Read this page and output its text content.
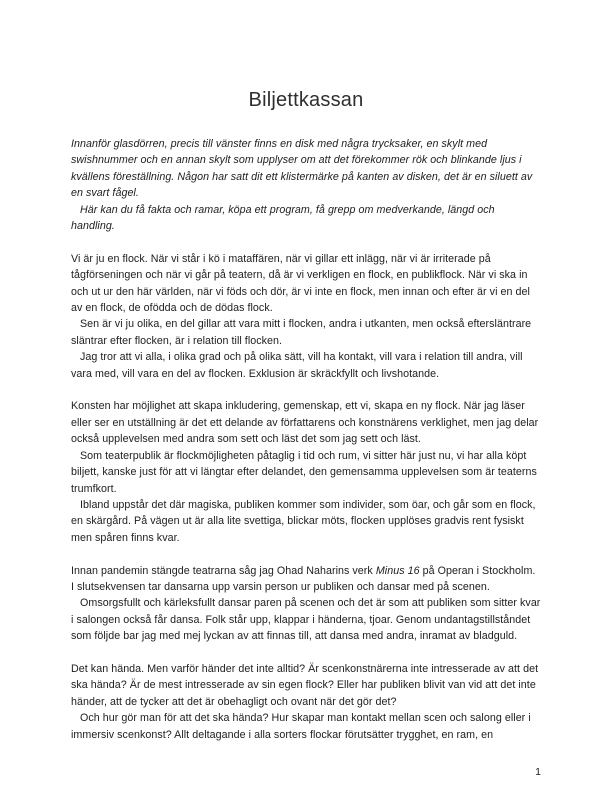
Biljettkassan

Innanför glasdörren, precis till vänster finns en disk med några trycksaker, en skylt med swishnummer och en annan skylt som upplyser om att det förekommer rök och blinkande ljus i kvällens föreställning. Någon har satt dit ett klistermärke på kanten av disken, det är en siluett av en svart fågel.

Här kan du få fakta och ramar, köpa ett program, få grepp om medverkande, längd och handling.

Vi är ju en flock. När vi står i kö i mataffären, när vi gillar ett inlägg, när vi är irriterade på tågförseningen och när vi går på teatern, då är vi verkligen en flock, en publikflock. När vi ska in och ut ur den här världen, när vi föds och dör, är vi inte en flock, men innan och efter är vi en del av en flock, de ofödda och de dödas flock.

Sen är vi ju olika, en del gillar att vara mitt i flocken, andra i utkanten, men också eftersläntrare släntrar efter flocken, är i relation till flocken.

Jag tror att vi alla, i olika grad och på olika sätt, vill ha kontakt, vill vara i relation till andra, vill vara med, vill vara en del av flocken. Exklusion är skräckfyllt och livshotande.

Konsten har möjlighet att skapa inkludering, gemenskap, ett vi, skapa en ny flock. När jag läser eller ser en utställning är det ett delande av författarens och konstnärens verklighet, men jag delar också upplevelsen med andra som sett och läst det som jag sett och läst.

Som teaterpublik är flockmöjligheten påtaglig i tid och rum, vi sitter här just nu, vi har alla köpt biljett, kanske just för att vi längtar efter delandet, den gemensamma upplevelsen som är teaterns trumfkort.

Ibland uppstår det där magiska, publiken kommer som individer, som öar, och går som en flock, en skärgård. På vägen ut är alla lite svettiga, blickar möts, flocken upplöses gradvis rent fysiskt men spåren finns kvar.

Innan pandemin stängde teatrarna såg jag Ohad Naharins verk Minus 16 på Operan i Stockholm. I slutsekvensen tar dansarna upp varsin person ur publiken och dansar med på scenen.

Omsorgsfullt och kärleksfullt dansar paren på scenen och det är som att publiken som sitter kvar i salongen också får dansa. Folk står upp, klappar i händerna, tjoar. Genom undantagstillståndet som följde bar jag med mej lyckan av att finnas till, att dansa med andra, inramat av bladguld.

Det kan hända. Men varför händer det inte alltid? Är scenkonstnärerna inte intresserade av att det ska hända? Är de mest intresserade av sin egen flock? Eller har publiken blivit van vid att det inte händer, att de tycker att det är obehagligt och ovant när det gör det?

Och hur gör man för att det ska hända? Hur skapar man kontakt mellan scen och salong eller i immersiv scenkonst? Allt deltagande i alla sorters flockar förutsätter trygghet, en ram, en

1
